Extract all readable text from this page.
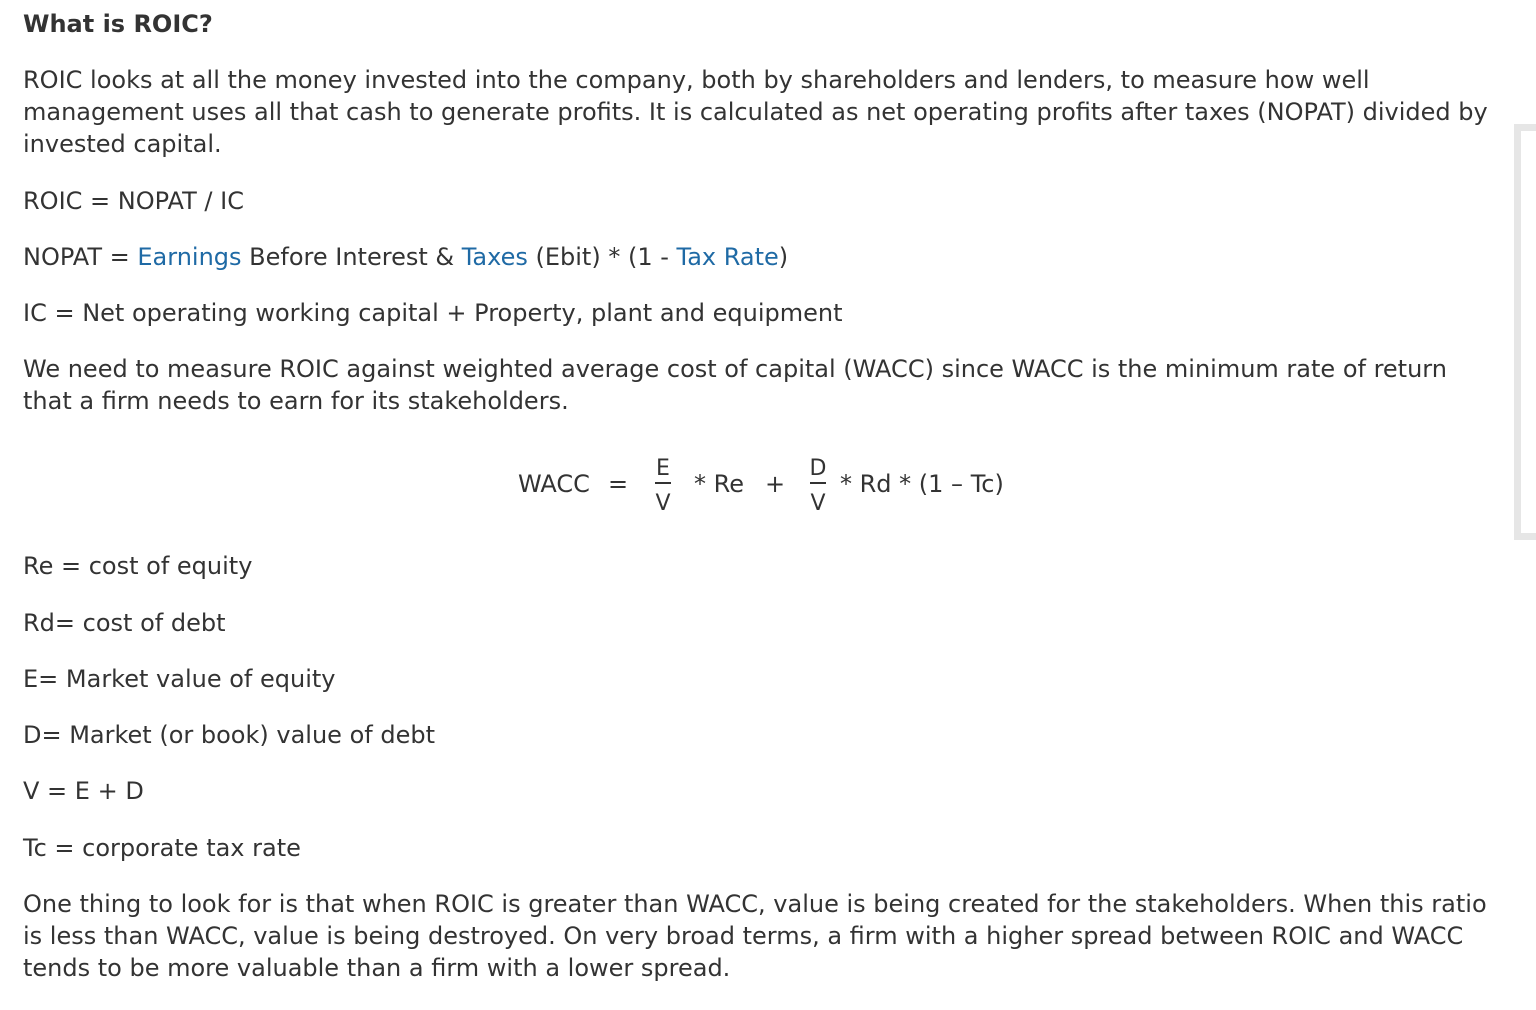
What is ROIC?

ROIC looks at all the money invested into the company, both by shareholders and lenders, to measure how well management uses all that cash to generate profits. It is calculated as net operating profits after taxes (NOPAT) divided by invested capital.

ROIC = NOPAT / IC

NOPAT = Earnings Before Interest & Taxes (Ebit) * (1 - Tax Rate)

IC = Net operating working capital + Property, plant and equipment

We need to measure ROIC against weighted average cost of capital (WACC) since WACC is the minimum rate of return that a firm needs to earn for its stakeholders.

WACC =
E
V
* Re +
D
V
* Rd * (1 – Tc)

Re = cost of equity

Rd= cost of debt

E= Market value of equity

D= Market (or book) value of debt

V = E + D

Tc = corporate tax rate

One thing to look for is that when ROIC is greater than WACC, value is being created for the stakeholders. When this ratio is less than WACC, value is being destroyed. On very broad terms, a firm with a higher spread between ROIC and WACC tends to be more valuable than a firm with a lower spread.
